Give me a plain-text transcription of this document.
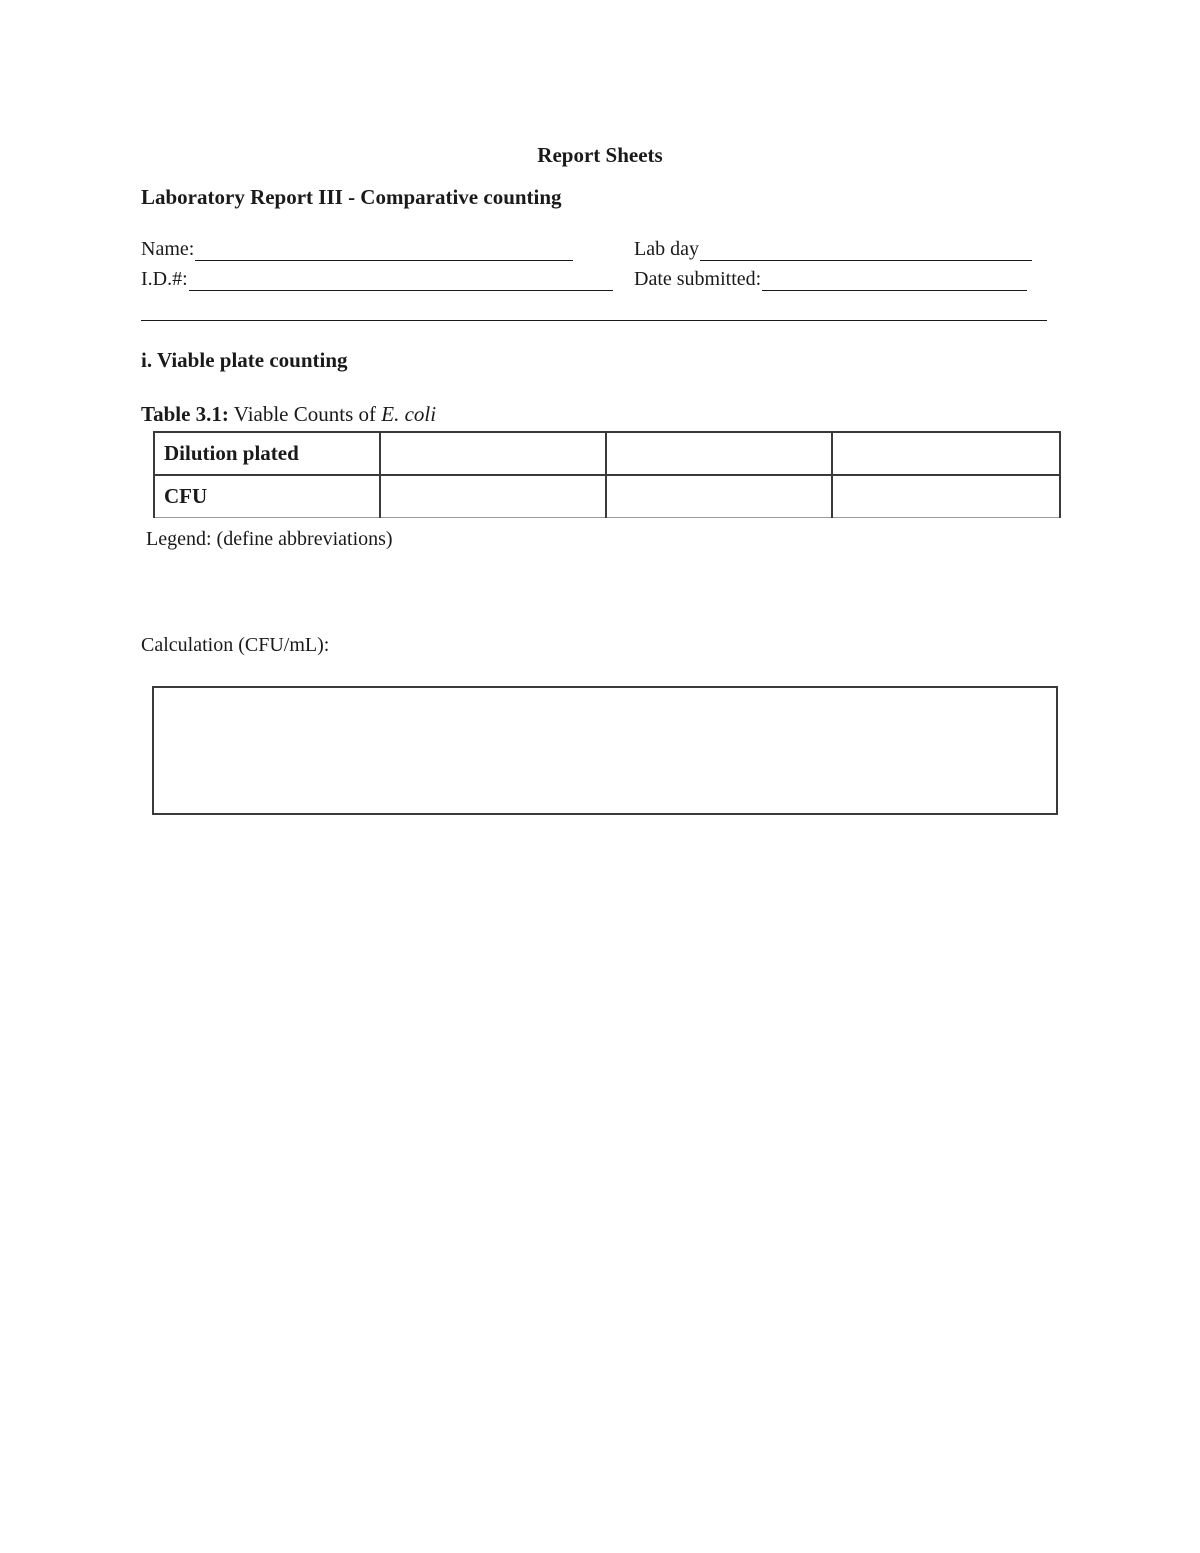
Report Sheets
Laboratory Report III - Comparative counting
Name:	Lab day
I.D.#:	Date submitted:
i. Viable plate counting
Table 3.1: Viable Counts of E. coli
Dilution plated			
CFU			
Legend: (define abbreviations)
Calculation (CFU/mL):
